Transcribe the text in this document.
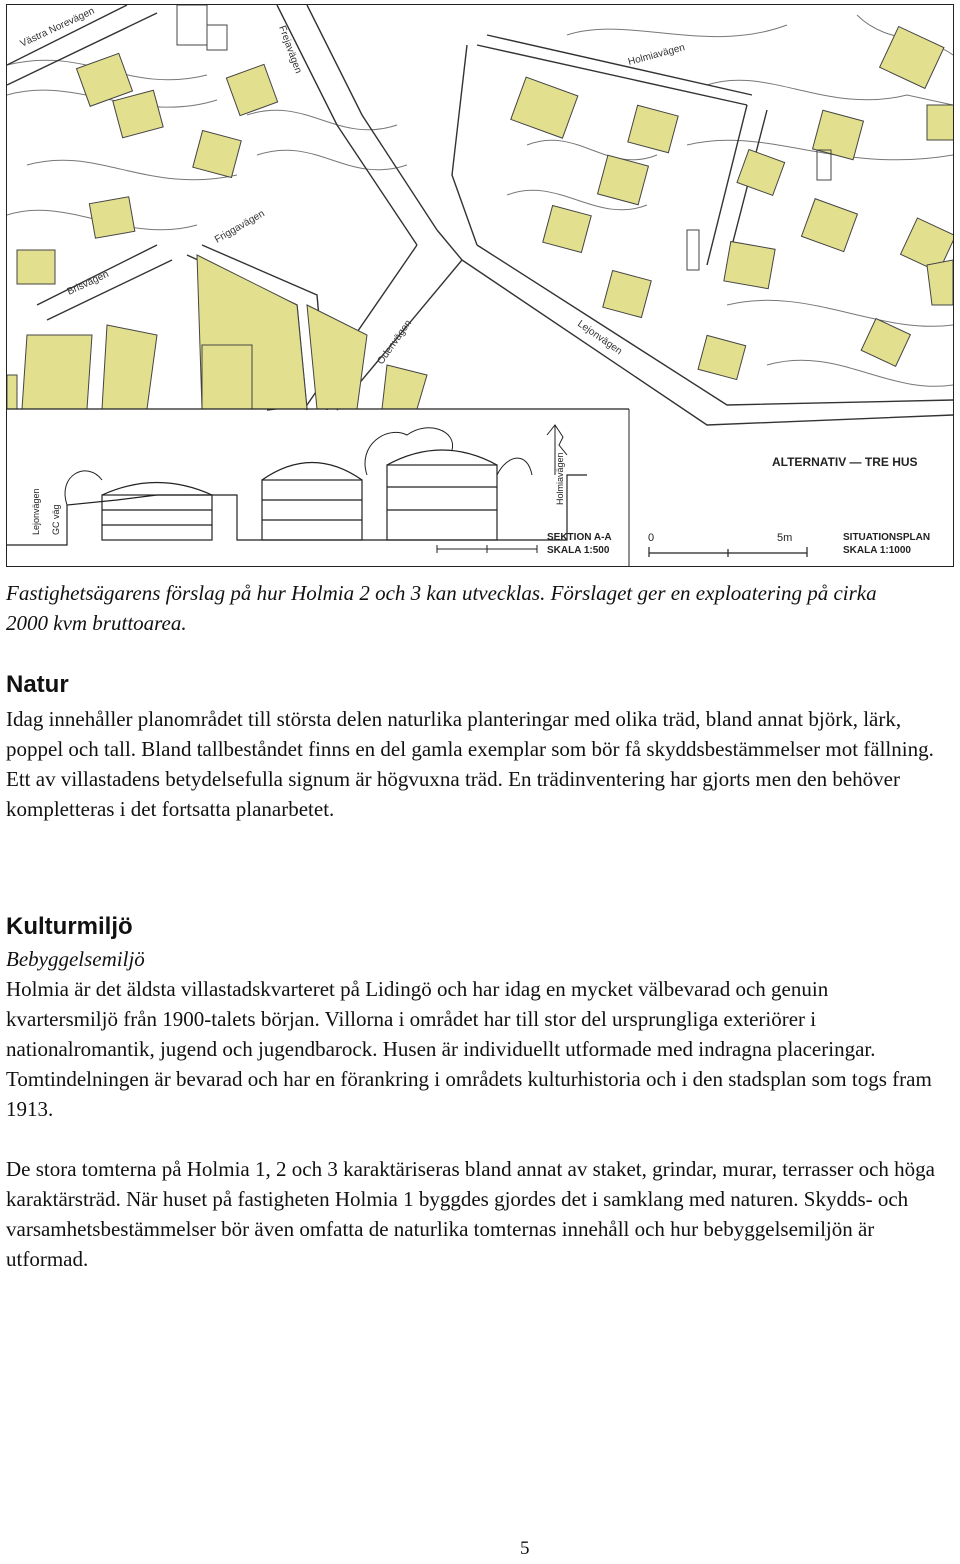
Västra Norevägen	Frejavägen	Holmiavägen
Friggavägen
Brisvägen
Odenvägen	Lejonvägen
Lejonvägen GC väg
Holmiavägen
SEKTION A-A
SKALA 1:500
ALTERNATIV — TRE HUS
SITUATIONSPLAN
SKALA 1:1000
0	5m
Fastighetsägarens förslag på hur Holmia 2 och 3 kan utvecklas. Förslaget ger en exploatering på cirka 2000 kvm bruttoarea.
Natur

Idag innehåller planområdet till största delen naturlika planteringar med olika träd, bland annat björk, lärk, poppel och tall. Bland tallbeståndet finns en del gamla exemplar som bör få skyddsbestämmelser mot fällning. Ett av villastadens betydelsefulla signum är högvuxna träd. En trädinventering har gjorts men den behöver kompletteras i det fortsatta planarbetet.

Kulturmiljö
Bebyggelsemiljö

Holmia är det äldsta villastadskvarteret på Lidingö och har idag en mycket välbevarad och genuin kvartersmiljö från 1900-talets början. Villorna i området har till stor del ursprungliga exteriörer i nationalromantik, jugend och jugendbarock. Husen är individuellt utformade med indragna placeringar. Tomtindelningen är bevarad och har en förankring i områdets kulturhistoria och i den stadsplan som togs fram 1913.

De stora tomterna på Holmia 1, 2 och 3 karaktäriseras bland annat av staket, grindar, murar, terrasser och höga karaktärsträd. När huset på fastigheten Holmia 1 byggdes gjordes det i samklang med naturen. Skydds- och varsamhetsbestämmelser bör även omfatta de naturlika tomternas innehåll och hur bebyggelsemiljön är utformad.

5
